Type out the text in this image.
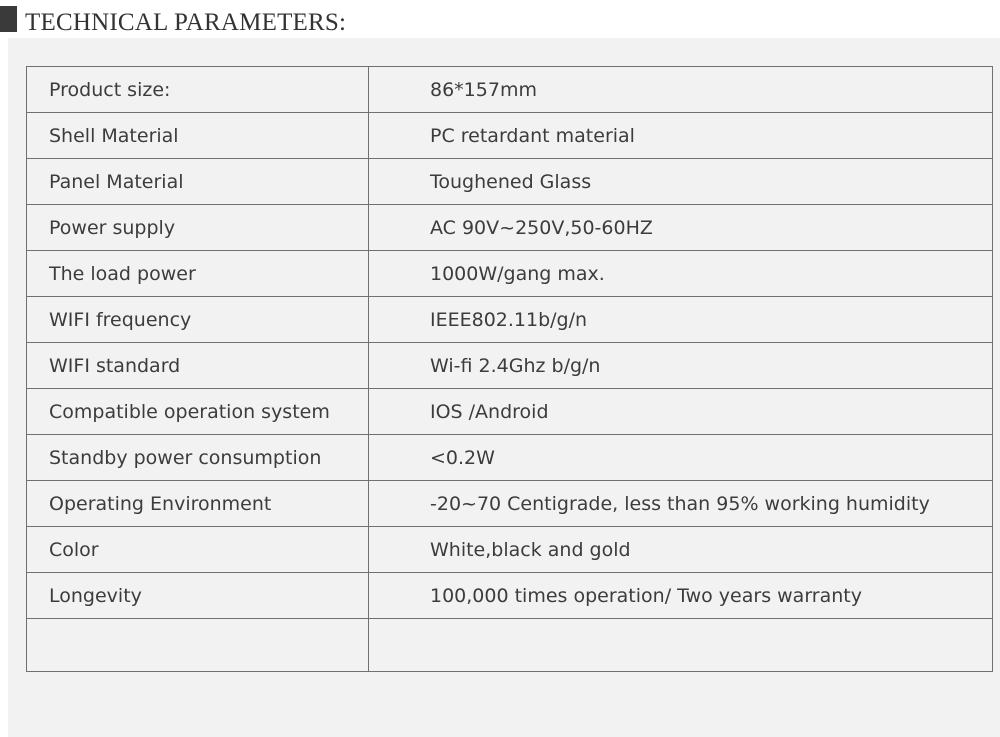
TECHNICAL PARAMETERS:
Product size:	86*157mm
Shell Material	PC retardant material
Panel Material	Toughened Glass
Power supply	AC 90V~250V,50-60HZ
The load power	1000W/gang max.
WIFI frequency	IEEE802.11b/g/n
WIFI standard	Wi-fi 2.4Ghz b/g/n
Compatible operation system	IOS /Android
Standby power consumption	<0.2W
Operating Environment	-20~70 Centigrade, less than 95% working humidity
Color	White,black and gold
Longevity	100,000 times operation/ Two years warranty
